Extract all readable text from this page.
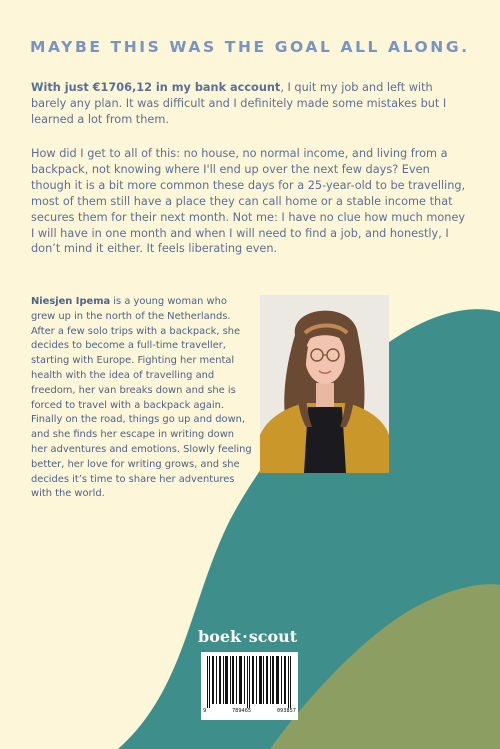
MAYBE THIS WAS THE GOAL ALL ALONG.

With just €1706,12 in my bank account, I quit my job and left with barely any plan. It was difficult and I definitely made some mistakes but I learned a lot from them.

How did I get to all of this: no house, no normal income, and living from a backpack, not knowing where I'll end up over the next few days? Even though it is a bit more common these days for a 25-year-old to be travelling, most of them still have a place they can call home or a stable income that secures them for their next month. Not me: I have no clue how much money I will have in one month and when I will need to find a job, and honestly, I don’t mind it either. It feels liberating even.

Niesjen Ipema is a young woman who grew up in the north of the Netherlands. After a few solo trips with a backpack, she decides to become a full-time traveller, starting with Europe. Fighting her mental health with the idea of travelling and freedom, her van breaks down and she is forced to travel with a backpack again. Finally on the road, things go up and down, and she finds her escape in writing down her adventures and emotions. Slowly feeling better, her love for writing grows, and she decides it’s time to share her adventures with the world.

boek·scout
9	789465	093857
